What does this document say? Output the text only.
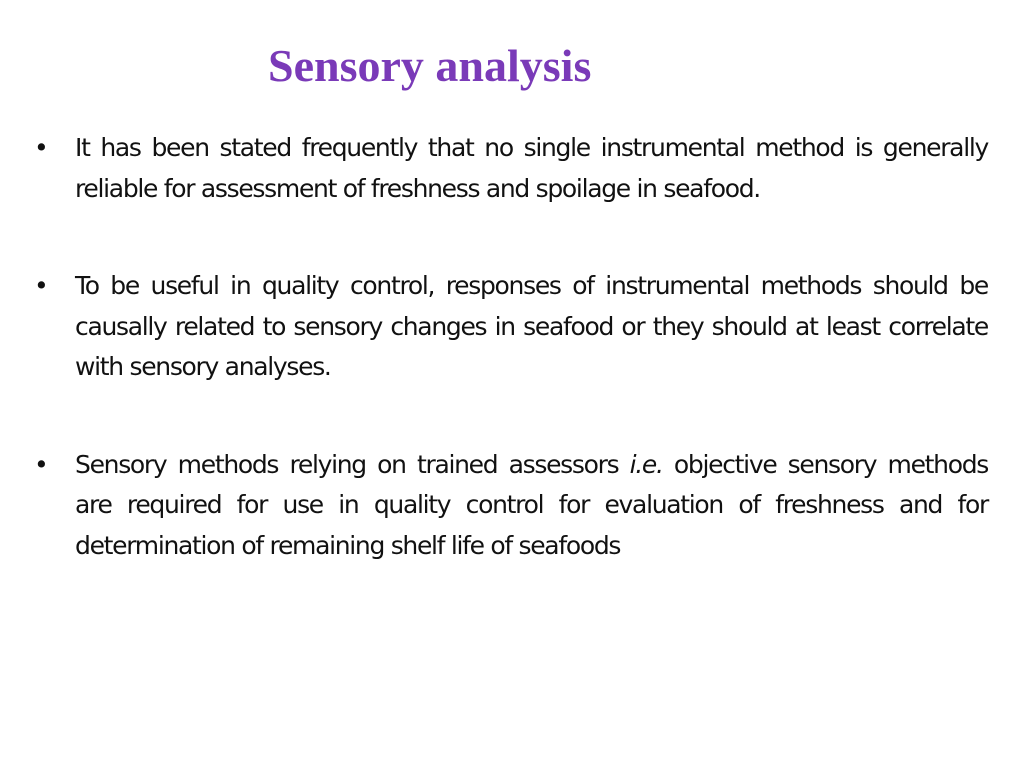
Sensory analysis
• It has been stated frequently that no single instrumental method is generally reliable for assessment of freshness and spoilage in seafood.
• To be useful in quality control, responses of instrumental methods should be causally related to sensory changes in seafood or they should at least correlate with sensory analyses.
• Sensory methods relying on trained assessors i.e. objective sensory methods are required for use in quality control for evaluation of freshness and for determination of remaining shelf life of seafoods
